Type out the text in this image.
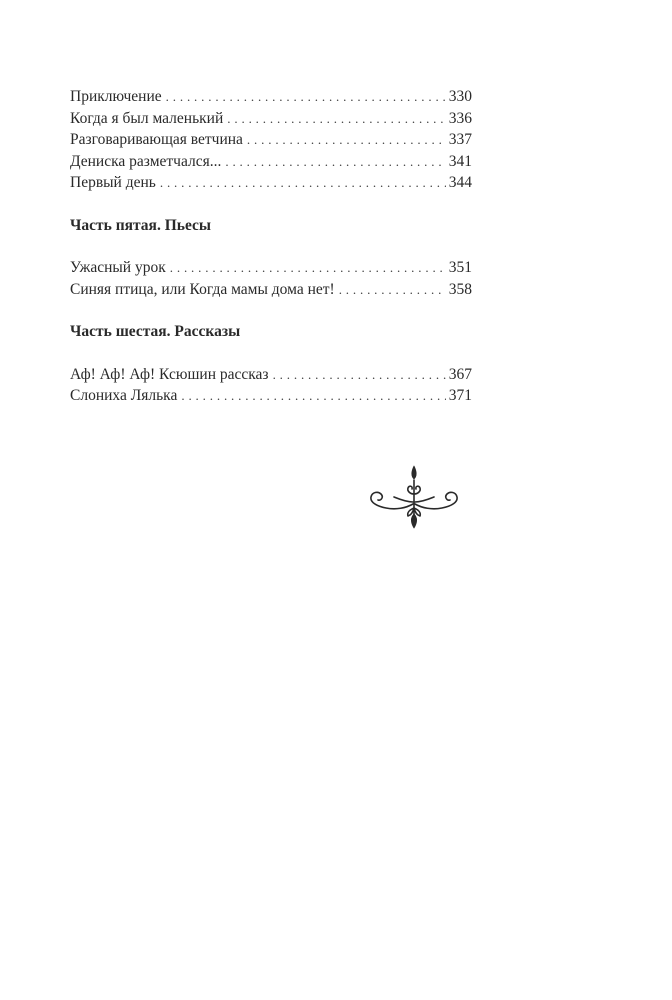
Приключение . . .	330
Когда я был маленький . . .	336
Разговаривающая ветчина . . .	337
Дениска разметчался... . . .	341
Первый день . . .	344
Часть пятая. Пьесы
Ужасный урок . . .	351
Синяя птица, или Когда мамы дома нет! . . .	358
Часть шестая. Рассказы
Аф! Аф! Аф! Ксюшин рассказ . . .	367
Слониха Лялька . . .	371
